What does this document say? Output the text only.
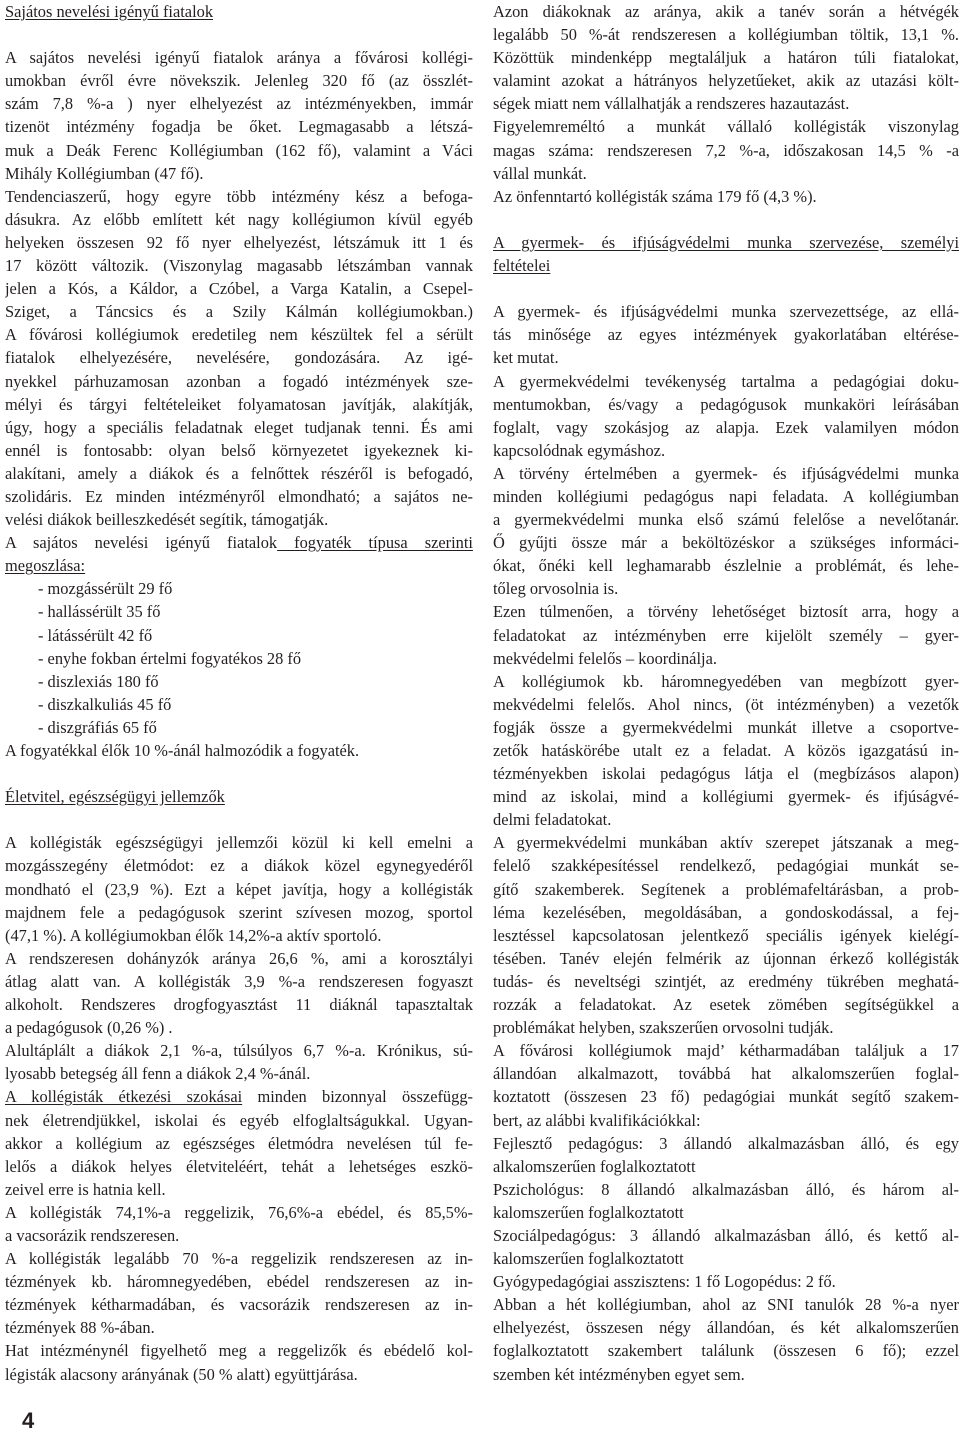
Sajátos nevelési igényű fiatalok
A sajátos nevelési igényű fiatalok aránya a fővárosi kollégi-
umokban évről évre növekszik. Jelenleg 320 fő (az összlét-
szám 7,8 %-a ) nyer elhelyezést az intézményekben, immár
tizenöt intézmény fogadja be őket. Legmagasabb a létszá-
muk a Deák Ferenc Kollégiumban (162 fő), valamint a Váci
Mihály Kollégiumban (47 fő).
Tendenciaszerű, hogy egyre több intézmény kész a befoga-
dásukra. Az előbb említett két nagy kollégiumon kívül egyéb
helyeken összesen 92 fő nyer elhelyezést, létszámuk itt 1 és
17 között változik. (Viszonylag magasabb létszámban vannak
jelen a Kós, a Káldor, a Czóbel, a Varga Katalin, a Csepel-
Sziget, a Táncsics és a Szily Kálmán kollégiumokban.)
A fővárosi kollégiumok eredetileg nem készültek fel a sérült
fiatalok elhelyezésére, nevelésére, gondozására. Az igé-
nyekkel párhuzamosan azonban a fogadó intézmények sze-
mélyi és tárgyi feltételeiket folyamatosan javítják, alakítják,
úgy, hogy a speciális feladatnak eleget tudjanak tenni. És ami
ennél is fontosabb: olyan belső környezetet igyekeznek ki-
alakítani, amely a diákok és a felnőttek részéről is befogadó,
szolidáris. Ez minden intézményről elmondható; a sajátos ne-
velési diákok beilleszkedését segítik, támogatják.
A sajátos nevelési igényű fiatalok fogyaték típusa szerinti
megoszlása:
- mozgássérült 29 fő
- hallássérült 35 fő
- látássérült 42 fő
- enyhe fokban értelmi fogyatékos 28 fő
- diszlexiás 180 fő
- diszkalkuliás 45 fő
- diszgráfiás 65 fő
A fogyatékkal élők 10 %-ánál halmozódik a fogyaték.
Életvitel, egészségügyi jellemzők
A kollégisták egészségügyi jellemzői közül ki kell emelni a
mozgásszegény életmódot: ez a diákok közel egynegyedéről
mondható el (23,9 %). Ezt a képet javítja, hogy a kollégisták
majdnem fele a pedagógusok szerint szívesen mozog, sportol
(47,1 %). A kollégiumokban élők 14,2%-a aktív sportoló.
A rendszeresen dohányzók aránya 26,6 %, ami a korosztályi
átlag alatt van. A kollégisták 3,9 %-a rendszeresen fogyaszt
alkoholt. Rendszeres drogfogyasztást 11 diáknál tapasztaltak
a pedagógusok (0,26 %) .
Alultáplált a diákok 2,1 %-a, túlsúlyos 6,7 %-a. Krónikus, sú-
lyosabb betegség áll fenn a diákok 2,4 %-ánál.
A kollégisták étkezési szokásai minden bizonnyal összefügg-
nek életrendjükkel, iskolai és egyéb elfoglaltságukkal. Ugyan-
akkor a kollégium az egészséges életmódra nevelésen túl fe-
lelős a diákok helyes életviteléért, tehát a lehetséges eszkö-
zeivel erre is hatnia kell.
A kollégisták 74,1%-a reggelizik, 76,6%-a ebédel, és 85,5%-
a vacsorázik rendszeresen.
A kollégisták legalább 70 %-a reggelizik rendszeresen az in-
tézmények kb. háromnegyedében, ebédel rendszeresen az in-
tézmények kétharmadában, és vacsorázik rendszeresen az in-
tézmények 88 %-ában.
Hat intézménynél figyelhető meg a reggelizők és ebédelő kol-
légisták alacsony arányának (50 % alatt) együttjárása.
Azon diákoknak az aránya, akik a tanév során a hétvégék
legalább 50 %-át rendszeresen a kollégiumban töltik, 13,1 %.
Közöttük mindenképp megtaláljuk a határon túli fiatalokat,
valamint azokat a hátrányos helyzetűeket, akik az utazási költ-
ségek miatt nem vállalhatják a rendszeres hazautazást.
Figyelemreméltó a munkát vállaló kollégisták viszonylag
magas száma: rendszeresen 7,2 %-a, időszakosan 14,5 % -a
vállal munkát.
Az önfenntartó kollégisták száma 179 fő (4,3 %).
A gyermek- és ifjúságvédelmi munka szervezése, személyi
feltételei
A gyermek- és ifjúságvédelmi munka szervezettsége, az ellá-
tás minősége az egyes intézmények gyakorlatában eltérése-
ket mutat.
A gyermekvédelmi tevékenység tartalma a pedagógiai doku-
mentumokban, és/vagy a pedagógusok munkaköri leírásában
foglalt, vagy szokásjog az alapja. Ezek valamilyen módon
kapcsolódnak egymáshoz.
A törvény értelmében a gyermek- és ifjúságvédelmi munka
minden kollégiumi pedagógus napi feladata. A kollégiumban
a gyermekvédelmi munka első számú felelőse a nevelőtanár.
Ő gyűjti össze már a beköltözéskor a szükséges informáci-
ókat, őnéki kell leghamarabb észlelnie a problémát, és lehe-
tőleg orvosolnia is.
Ezen túlmenően, a törvény lehetőséget biztosít arra, hogy a
feladatokat az intézményben erre kijelölt személy – gyer-
mekvédelmi felelős – koordinálja.
A kollégiumok kb. háromnegyedében van megbízott gyer-
mekvédelmi felelős. Ahol nincs, (öt intézményben) a vezetők
fogják össze a gyermekvédelmi munkát illetve a csoportve-
zetők hatáskörébe utalt ez a feladat. A közös igazgatású in-
tézményekben iskolai pedagógus látja el (megbízásos alapon)
mind az iskolai, mind a kollégiumi gyermek- és ifjúságvé-
delmi feladatokat.
A gyermekvédelmi munkában aktív szerepet játszanak a meg-
felelő szakképesítéssel rendelkező, pedagógiai munkát se-
gítő szakemberek. Segítenek a problémafeltárásban, a prob-
léma kezelésében, megoldásában, a gondoskodással, a fej-
lesztéssel kapcsolatosan jelentkező speciális igények kielégí-
tésében. Tanév elején felmérik az újonnan érkező kollégisták
tudás- és neveltségi szintjét, az eredmény tükrében meghatá-
rozzák a feladatokat. Az esetek zömében segítségükkel a
problémákat helyben, szakszerűen orvosolni tudják.
A fővárosi kollégiumok majd’ kétharmadában találjuk a 17
állandóan alkalmazott, továbbá hat alkalomszerűen foglal-
koztatott (összesen 23 fő) pedagógiai munkát segítő szakem-
bert, az alábbi kvalifikációkkal:
Fejlesztő pedagógus: 3 állandó alkalmazásban álló, és egy
alkalomszerűen foglalkoztatott
Pszichológus: 8 állandó alkalmazásban álló, és három al-
kalomszerűen foglalkoztatott
Szociálpedagógus: 3 állandó alkalmazásban álló, és kettő al-
kalomszerűen foglalkoztatott
Gyógypedagógiai asszisztens: 1 fő Logopédus: 2 fő.
Abban a hét kollégiumban, ahol az SNI tanulók 28 %-a nyer
elhelyezést, összesen négy állandóan, és két alkalomszerűen
foglalkoztatott szakembert találunk (összesen 6 fő); ezzel
szemben két intézményben egyet sem.
4
